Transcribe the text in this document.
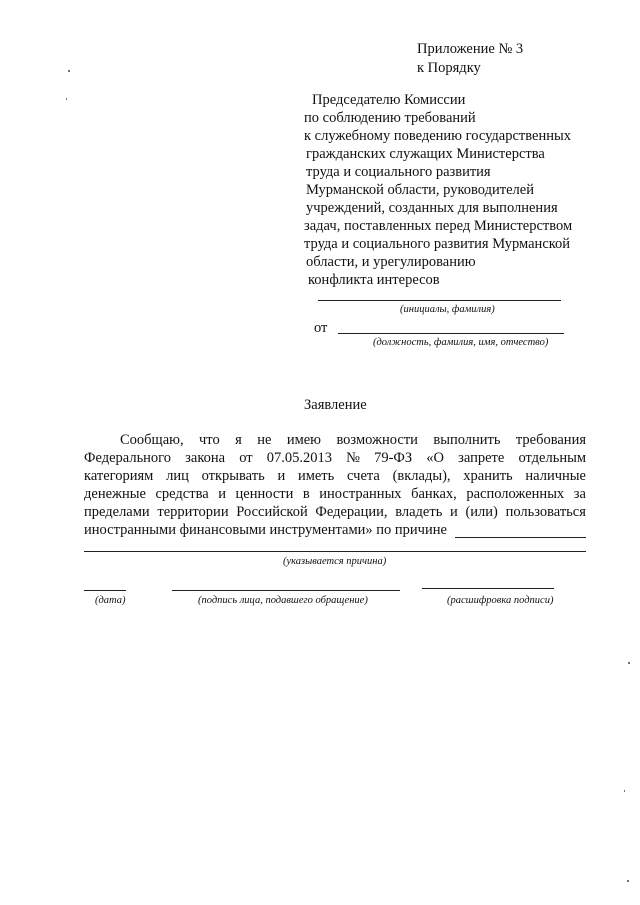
Приложение № 3
к Порядку
Председателю Комиссии
по соблюдению требований
к служебному поведению государственных
гражданских служащих Министерства
труда и социального развития
Мурманской области, руководителей
учреждений, созданных для выполнения
задач, поставленных перед Министерством
труда и социального развития Мурманской
области, и урегулированию
конфликта интересов
(инициалы, фамилия)
от
(должность, фамилия, имя, отчество)
Заявление
Сообщаю, что я не имею возможности выполнить требования
Федерального закона от 07.05.2013 № 79-ФЗ «О запрете отдельным
категориям лиц открывать и иметь счета (вклады), хранить наличные
денежные средства и ценности в иностранных банках, расположенных за
пределами территории Российской Федерации, владеть и (или) пользоваться
иностранными финансовыми инструментами» по причине
(указывается причина)
(дата)	(подпись лица, подавшего обращение)	(расшифровка подписи)
